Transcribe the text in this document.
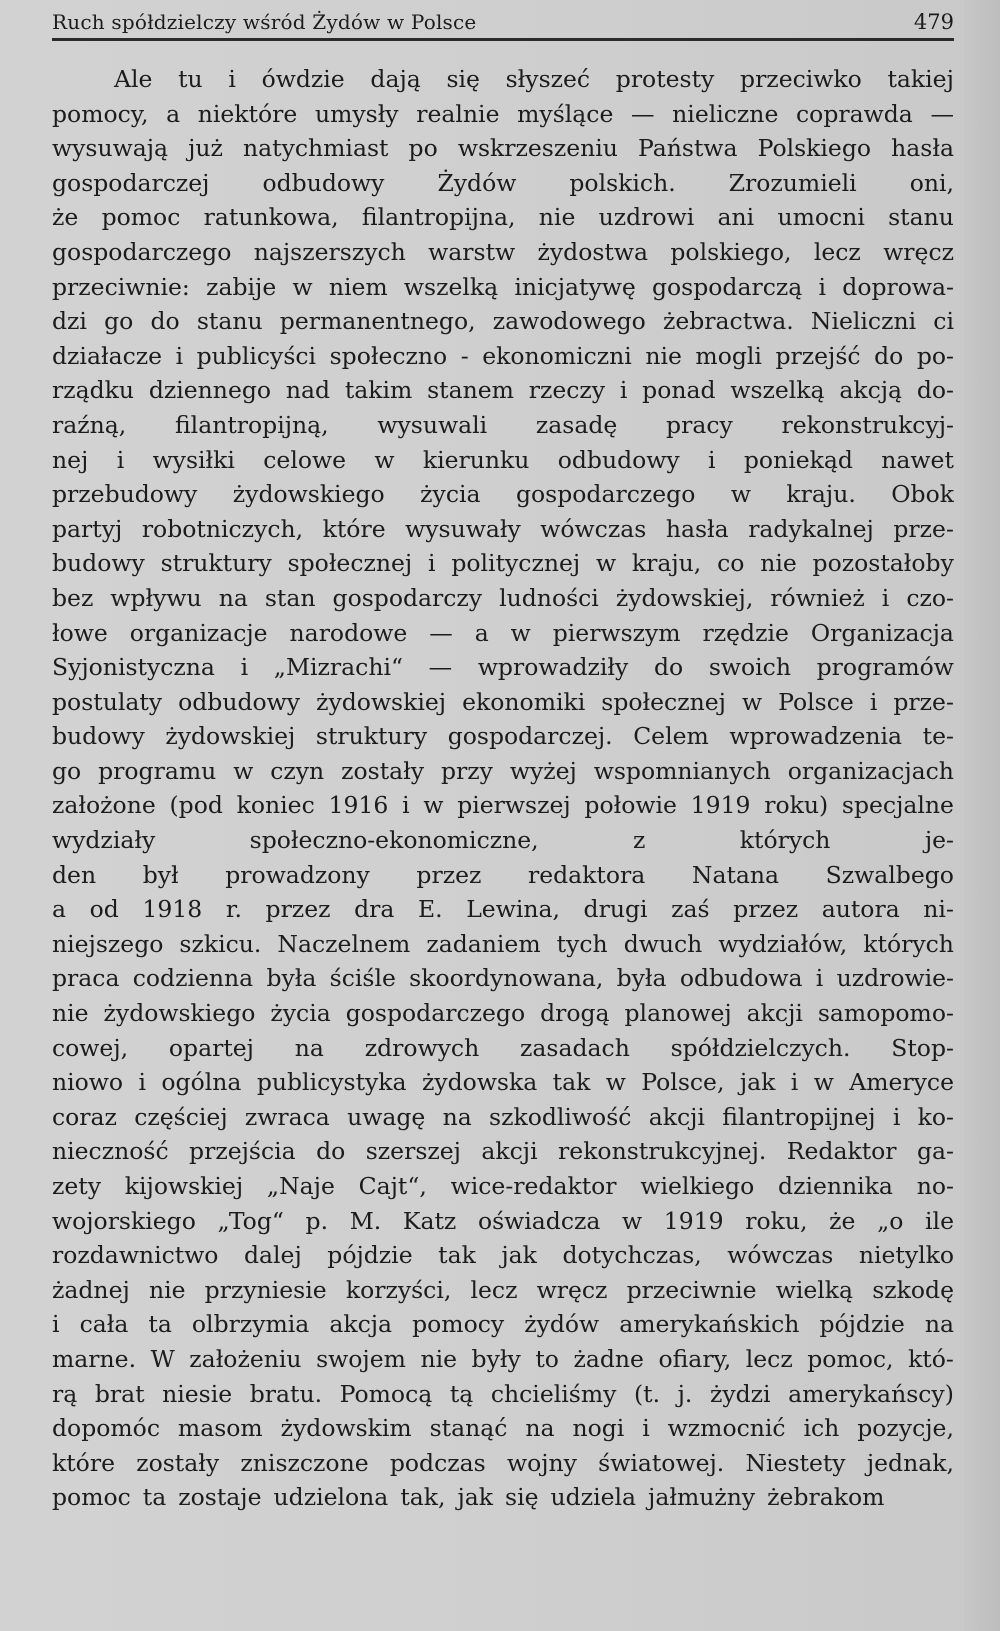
Ruch spółdzielczy wśród Żydów w Polsce	479
Ale tu i ówdzie dają się słyszeć protesty przeciwko takiej
pomocy, a niektóre umysły realnie myślące — nieliczne coprawda —
wysuwają już natychmiast po wskrzeszeniu Państwa Polskiego hasła
gospodarczej odbudowy Żydów polskich. Zrozumieli oni,
że pomoc ratunkowa, filantropijna, nie uzdrowi ani umocni stanu
gospodarczego najszerszych warstw żydostwa polskiego, lecz wręcz
przeciwnie: zabije w niem wszelką inicjatywę gospodarczą i doprowa-
dzi go do stanu permanentnego, zawodowego żebractwa. Nieliczni ci
działacze i publicyści społeczno - ekonomiczni nie mogli przejść do po-
rządku dziennego nad takim stanem rzeczy i ponad wszelką akcją do-
raźną, filantropijną, wysuwali zasadę pracy rekonstrukcyj-
nej i wysiłki celowe w kierunku odbudowy i poniekąd nawet
przebudowy żydowskiego życia gospodarczego w kraju. Obok
partyj robotniczych, które wysuwały wówczas hasła radykalnej prze-
budowy struktury społecznej i politycznej w kraju, co nie pozostałoby
bez wpływu na stan gospodarczy ludności żydowskiej, również i czo-
łowe organizacje narodowe — a w pierwszym rzędzie Organizacja
Syjonistyczna i „Mizrachi“ — wprowadziły do swoich programów
postulaty odbudowy żydowskiej ekonomiki społecznej w Polsce i prze-
budowy żydowskiej struktury gospodarczej. Celem wprowadzenia te-
go programu w czyn zostały przy wyżej wspomnianych organizacjach
założone (pod koniec 1916 i w pierwszej połowie 1919 roku) specjalne
wydziały	społeczno-ekonomiczne,	z	których	je-
den był prowadzony przez redaktora Natana Szwalbego
a od 1918 r. przez dra E. Lewina, drugi zaś przez autora ni-
niejszego szkicu. Naczelnem zadaniem tych dwuch wydziałów, których
praca codzienna była ściśle skoordynowana, była odbudowa i uzdrowie-
nie żydowskiego życia gospodarczego drogą planowej akcji samopomo-
cowej, opartej na zdrowych zasadach spółdzielczych. Stop-
niowo i ogólna publicystyka żydowska tak w Polsce, jak i w Ameryce
coraz częściej zwraca uwagę na szkodliwość akcji filantropijnej i ko-
nieczność przejścia do szerszej akcji rekonstrukcyjnej. Redaktor ga-
zety kijowskiej „Naje Cajt“, wice-redaktor wielkiego dziennika no-
wojorskiego „Tog“ p. M. Katz oświadcza w 1919 roku, że „o ile
rozdawnictwo dalej pójdzie tak jak dotychczas, wówczas nietylko
żadnej nie przyniesie korzyści, lecz wręcz przeciwnie wielką szkodę
i cała ta olbrzymia akcja pomocy żydów amerykańskich pójdzie na
marne. W założeniu swojem nie były to żadne ofiary, lecz pomoc, któ-
rą brat niesie bratu. Pomocą tą chcieliśmy (t. j. żydzi amerykańscy)
dopomóc masom żydowskim stanąć na nogi i wzmocnić ich pozycje,
które zostały zniszczone podczas wojny światowej. Niestety jednak,
pomoc ta zostaje udzielona tak, jak się udziela jałmużny żebrakom
